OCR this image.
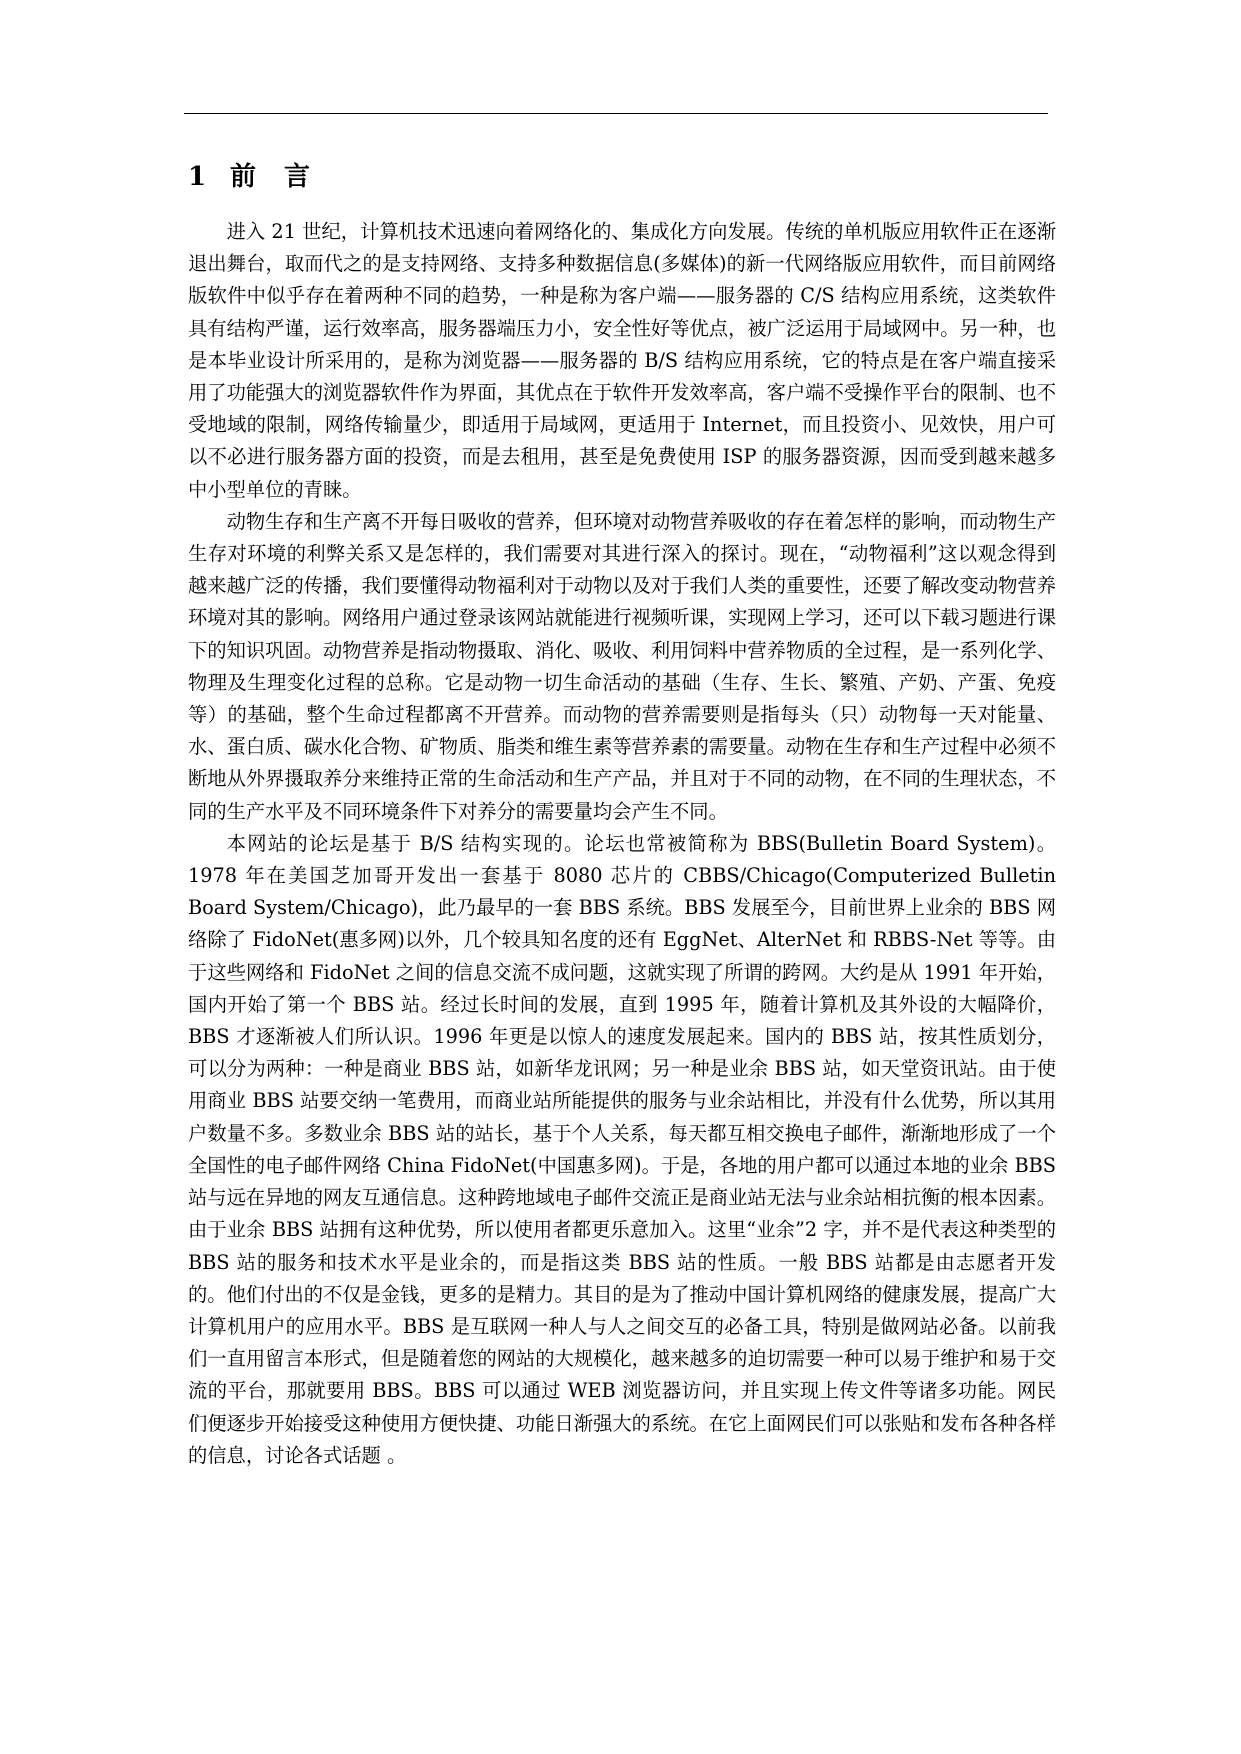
1 前　言

进入 21 世纪，计算机技术迅速向着网络化的、集成化方向发展。传统的单机版应用软件正在逐渐退出舞台，取而代之的是支持网络、支持多种数据信息(多媒体)的新一代网络版应用软件，而目前网络版软件中似乎存在着两种不同的趋势，一种是称为客户端——服务器的 C/S 结构应用系统，这类软件具有结构严谨，运行效率高，服务器端压力小，安全性好等优点，被广泛运用于局域网中。另一种，也是本毕业设计所采用的，是称为浏览器——服务器的 B/S 结构应用系统，它的特点是在客户端直接采用了功能强大的浏览器软件作为界面，其优点在于软件开发效率高，客户端不受操作平台的限制、也不受地域的限制，网络传输量少，即适用于局域网，更适用于 Internet，而且投资小、见效快，用户可以不必进行服务器方面的投资，而是去租用，甚至是免费使用 ISP 的服务器资源，因而受到越来越多中小型单位的青睐。

动物生存和生产离不开每日吸收的营养，但环境对动物营养吸收的存在着怎样的影响，而动物生产生存对环境的利弊关系又是怎样的，我们需要对其进行深入的探讨。现在，“动物福利”这以观念得到越来越广泛的传播，我们要懂得动物福利对于动物以及对于我们人类的重要性，还要了解改变动物营养环境对其的影响。网络用户通过登录该网站就能进行视频听课，实现网上学习，还可以下载习题进行课下的知识巩固。动物营养是指动物摄取、消化、吸收、利用饲料中营养物质的全过程，是一系列化学、物理及生理变化过程的总称。它是动物一切生命活动的基础（生存、生长、繁殖、产奶、产蛋、免疫等）的基础，整个生命过程都离不开营养。而动物的营养需要则是指每头（只）动物每一天对能量、水、蛋白质、碳水化合物、矿物质、脂类和维生素等营养素的需要量。动物在生存和生产过程中必须不断地从外界摄取养分来维持正常的生命活动和生产产品，并且对于不同的动物，在不同的生理状态，不同的生产水平及不同环境条件下对养分的需要量均会产生不同。

本网站的论坛是基于 B/S 结构实现的。论坛也常被简称为 BBS(Bulletin Board System)。1978 年在美国芝加哥开发出一套基于 8080 芯片的 CBBS/Chicago(Computerized Bulletin Board System/Chicago)，此乃最早的一套 BBS 系统。BBS 发展至今，目前世界上业余的 BBS 网络除了 FidoNet(惠多网)以外，几个较具知名度的还有 EggNet、AlterNet 和 RBBS-Net 等等。由于这些网络和 FidoNet 之间的信息交流不成问题，这就实现了所谓的跨网。大约是从 1991 年开始，国内开始了第一个 BBS 站。经过长时间的发展，直到 1995 年，随着计算机及其外设的大幅降价，BBS 才逐渐被人们所认识。1996 年更是以惊人的速度发展起来。国内的 BBS 站，按其性质划分，可以分为两种：一种是商业 BBS 站，如新华龙讯网；另一种是业余 BBS 站，如天堂资讯站。由于使用商业 BBS 站要交纳一笔费用，而商业站所能提供的服务与业余站相比，并没有什么优势，所以其用户数量不多。多数业余 BBS 站的站长，基于个人关系，每天都互相交换电子邮件，渐渐地形成了一个全国性的电子邮件网络 China FidoNet(中国惠多网)。于是，各地的用户都可以通过本地的业余 BBS 站与远在异地的网友互通信息。这种跨地域电子邮件交流正是商业站无法与业余站相抗衡的根本因素。由于业余 BBS 站拥有这种优势，所以使用者都更乐意加入。这里“业余”2 字，并不是代表这种类型的 BBS 站的服务和技术水平是业余的，而是指这类 BBS 站的性质。一般 BBS 站都是由志愿者开发的。他们付出的不仅是金钱，更多的是精力。其目的是为了推动中国计算机网络的健康发展，提高广大计算机用户的应用水平。BBS 是互联网一种人与人之间交互的必备工具，特别是做网站必备。以前我们一直用留言本形式，但是随着您的网站的大规模化，越来越多的迫切需要一种可以易于维护和易于交流的平台，那就要用 BBS。BBS 可以通过 WEB 浏览器访问，并且实现上传文件等诸多功能。网民们便逐步开始接受这种使用方便快捷、功能日渐强大的系统。在它上面网民们可以张贴和发布各种各样的信息，讨论各式话题 。
